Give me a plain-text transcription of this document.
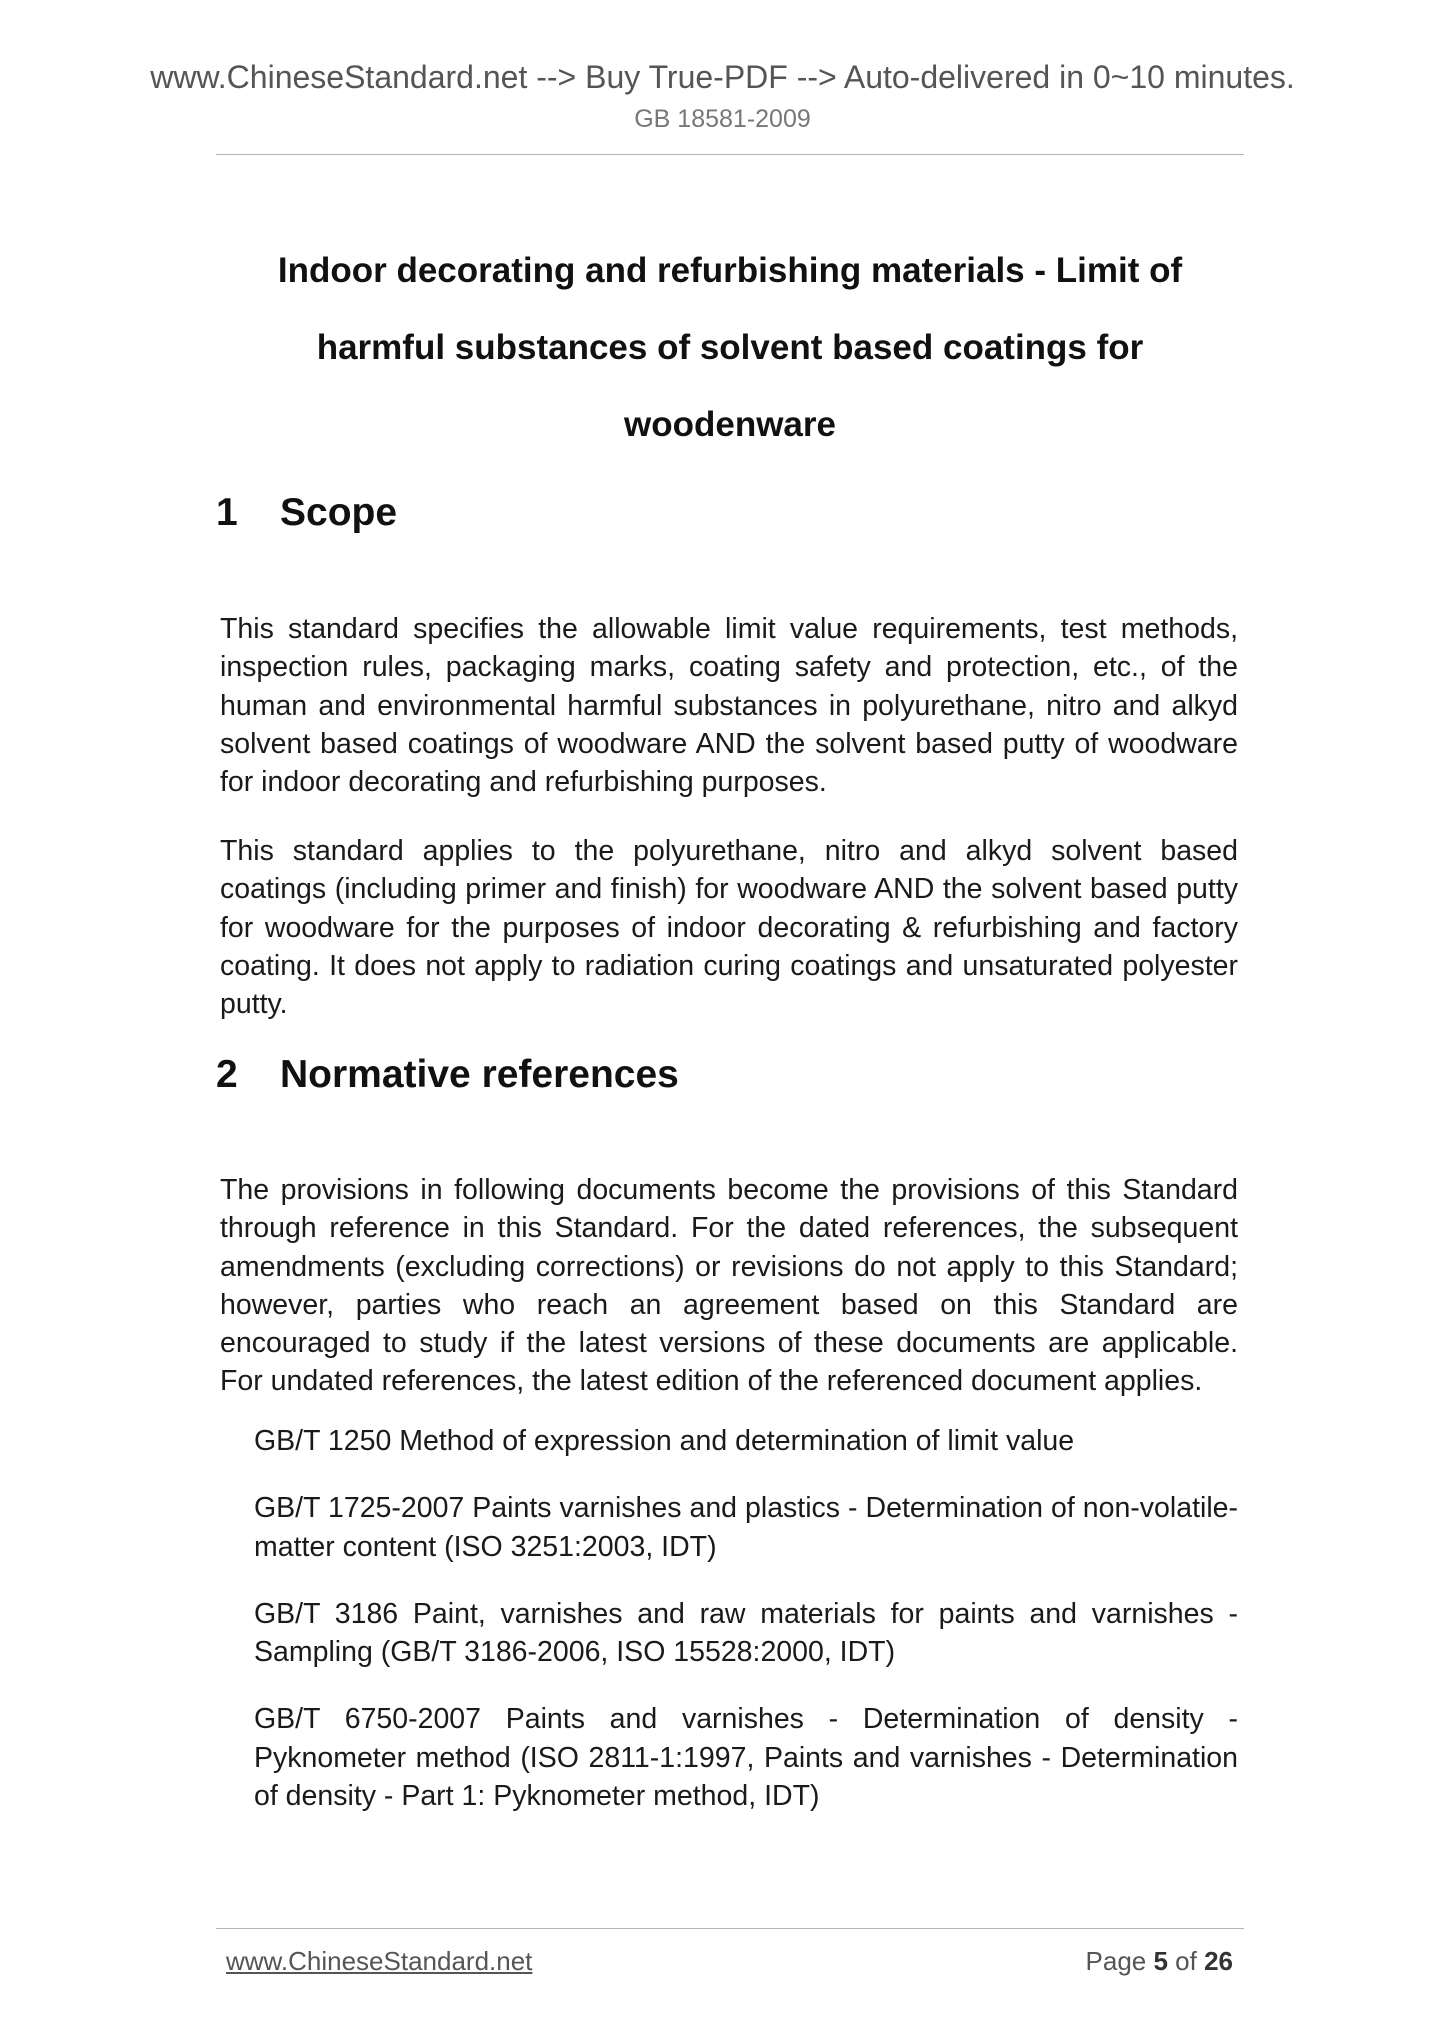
www.ChineseStandard.net --> Buy True-PDF --> Auto-delivered in 0~10 minutes.
GB 18581-2009
Indoor decorating and refurbishing materials - Limit of
harmful substances of solvent based coatings for
woodenware
1 Scope
This standard specifies the allowable limit value requirements, test methods, inspection rules, packaging marks, coating safety and protection, etc., of the human and environmental harmful substances in polyurethane, nitro and alkyd solvent based coatings of woodware AND the solvent based putty of woodware for indoor decorating and refurbishing purposes.
This standard applies to the polyurethane, nitro and alkyd solvent based coatings (including primer and finish) for woodware AND the solvent based putty for woodware for the purposes of indoor decorating & refurbishing and factory coating. It does not apply to radiation curing coatings and unsaturated polyester putty.
2 Normative references
The provisions in following documents become the provisions of this Standard through reference in this Standard. For the dated references, the subsequent amendments (excluding corrections) or revisions do not apply to this Standard; however, parties who reach an agreement based on this Standard are encouraged to study if the latest versions of these documents are applicable. For undated references, the latest edition of the referenced document applies.
GB/T 1250 Method of expression and determination of limit value
GB/T 1725-2007 Paints varnishes and plastics - Determination of non-volatile-matter content (ISO 3251:2003, IDT)
GB/T 3186 Paint, varnishes and raw materials for paints and varnishes - Sampling (GB/T 3186-2006, ISO 15528:2000, IDT)
GB/T 6750-2007 Paints and varnishes - Determination of density - Pyknometer method (ISO 2811-1:1997, Paints and varnishes - Determination of density - Part 1: Pyknometer method, IDT)
www.ChineseStandard.net	Page 5 of 26
